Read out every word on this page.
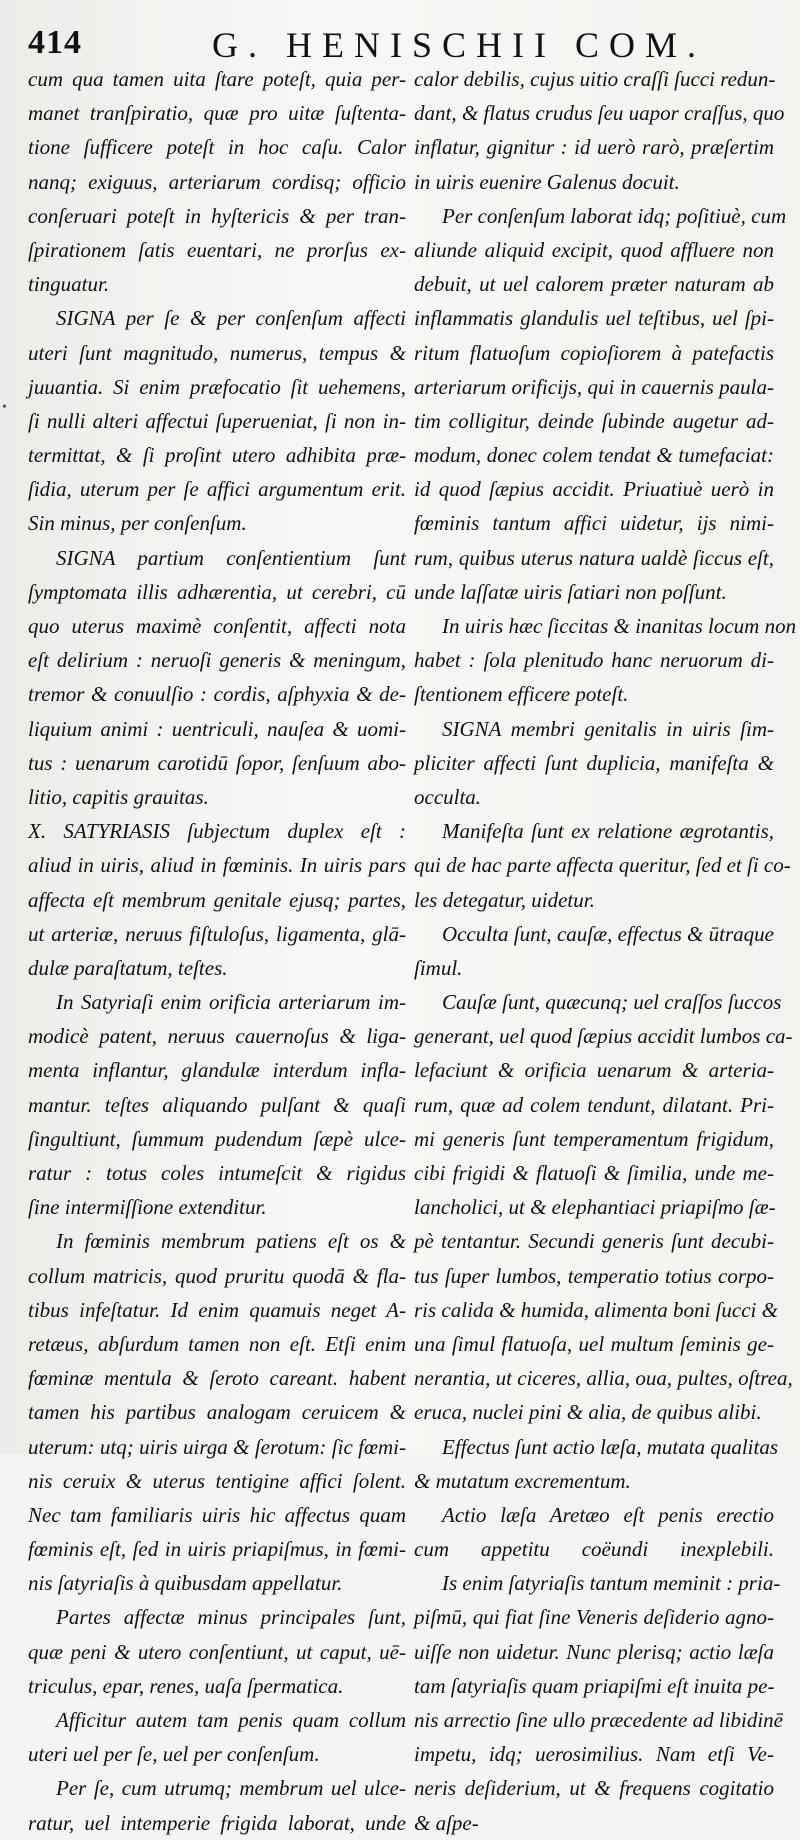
414	G. HENISCHII COM.
•
cum qua tamen uita ſtare poteſt, quia per-
manet tranſpiratio, quæ pro uitæ ſuſtenta-
tione ſufficere poteſt in hoc caſu. Calor
nanq; exiguus, arteriarum cordisq; officio
conſeruari poteſt in hyſtericis & per tran-
ſpirationem ſatis euentari, ne prorſus ex-
tinguatur.
SIGNA per ſe & per conſenſum affecti
uteri ſunt magnitudo, numerus, tempus &
juuantia. Si enim præfocatio ſit uehemens,
ſi nulli alteri affectui ſuperueniat, ſi non in-
termittat, & ſi proſint utero adhibita præ-
ſidia, uterum per ſe affici argumentum erit.
Sin minus, per conſenſum.
SIGNA partium conſentientium ſunt
ſymptomata illis adhærentia, ut cerebri, cū
quo uterus maximè conſentit, affecti nota
eſt delirium : neruoſi generis & meningum,
tremor & conuulſio : cordis, aſphyxia & de-
liquium animi : uentriculi, nauſea & uomi-
tus : uenarum carotidū ſopor, ſenſuum abo-
litio, capitis grauitas.
X. SATYRIASIS ſubjectum duplex eſt :
aliud in uiris, aliud in fœminis. In uiris pars
affecta eſt membrum genitale ejusq; partes,
ut arteriæ, neruus fiſtuloſus, ligamenta, glā-
dulæ paraſtatum, teſtes.
In Satyriaſi enim orificia arteriarum im-
modicè patent, neruus cauernoſus & liga-
menta inflantur, glandulæ interdum infla-
mantur. teſtes aliquando pulſant & quaſi
ſingultiunt, ſummum pudendum ſæpè ulce-
ratur : totus coles intumeſcit & rigidus
ſine intermiſſione extenditur.
In fœminis membrum patiens eſt os &
collum matricis, quod pruritu quodā & fla-
tibus infeſtatur. Id enim quamuis neget A-
retæus, abſurdum tamen non eſt. Etſi enim
fœminæ mentula & ſeroto careant. habent
tamen his partibus analogam ceruicem &
uterum: utq; uiris uirga & ſerotum: ſic fœmi-
nis ceruix & uterus tentigine affici ſolent.
Nec tam familiaris uiris hic affectus quam
fœminis eſt, ſed in uiris priapiſmus, in fœmi-
nis ſatyriaſis à quibusdam appellatur.
Partes affectæ minus principales ſunt,
quæ peni & utero conſentiunt, ut caput, uē-
triculus, epar, renes, uaſa ſpermatica.
Afficitur autem tam penis quam collum
uteri uel per ſe, uel per conſenſum.
Per ſe, cum utrumq; membrum uel ulce-
ratur, uel intemperie frigida laborat, unde
calor debilis, cujus uitio craſſi ſucci redun-
dant, & flatus crudus ſeu uapor craſſus, quo
inflatur, gignitur : id uerò rarò, præſertim
in uiris euenire Galenus docuit.
Per conſenſum laborat idq; poſitiuè, cum
aliunde aliquid excipit, quod affluere non
debuit, ut uel calorem præter naturam ab
inflammatis glandulis uel teſtibus, uel ſpi-
ritum flatuoſum copioſiorem à patefactis
arteriarum orificijs, qui in cauernis paula-
tim colligitur, deinde ſubinde augetur ad-
modum, donec colem tendat & tumefaciat:
id quod ſæpius accidit. Priuatiuè uerò in
fœminis tantum affici uidetur, ijs nimi-
rum, quibus uterus natura ualdè ſiccus eſt,
unde laſſatæ uiris ſatiari non poſſunt.
In uiris hæc ſiccitas & inanitas locum non
habet : ſola plenitudo hanc neruorum di-
ſtentionem efficere poteſt.
SIGNA membri genitalis in uiris ſim-
pliciter affecti ſunt duplicia, manifeſta &
occulta.
Manifeſta ſunt ex relatione ægrotantis,
qui de hac parte affecta queritur, ſed et ſi co-
les detegatur, uidetur.
Occulta ſunt, cauſæ, effectus & ūtraque
ſimul.
Cauſæ ſunt, quæcunq; uel craſſos ſuccos
generant, uel quod ſæpius accidit lumbos ca-
lefaciunt & orificia uenarum & arteria-
rum, quæ ad colem tendunt, dilatant. Pri-
mi generis ſunt temperamentum frigidum,
cibi frigidi & flatuoſi & ſimilia, unde me-
lancholici, ut & elephantiaci priapiſmo ſæ-
pè tentantur. Secundi generis ſunt decubi-
tus ſuper lumbos, temperatio totius corpo-
ris calida & humida, alimenta boni ſucci &
una ſimul flatuoſa, uel multum ſeminis ge-
nerantia, ut ciceres, allia, oua, pultes, oſtrea,
eruca, nuclei pini & alia, de quibus alibi.
Effectus ſunt actio læſa, mutata qualitas
& mutatum excrementum.
Actio læſa Aretæo eſt penis erectio
cum appetitu coëundi inexplebili.
Is enim ſatyriaſis tantum meminit : pria-
piſmū, qui fiat ſine Veneris deſiderio agno-
uiſſe non uidetur. Nunc plerisq; actio læſa
tam ſatyriaſis quam priapiſmi eſt inuita pe-
nis arrectio ſine ullo præcedente ad libidinē
impetu, idq; uerosimilius. Nam etſi Ve-
neris deſiderium, ut & frequens cogitatio
& aſpe-
